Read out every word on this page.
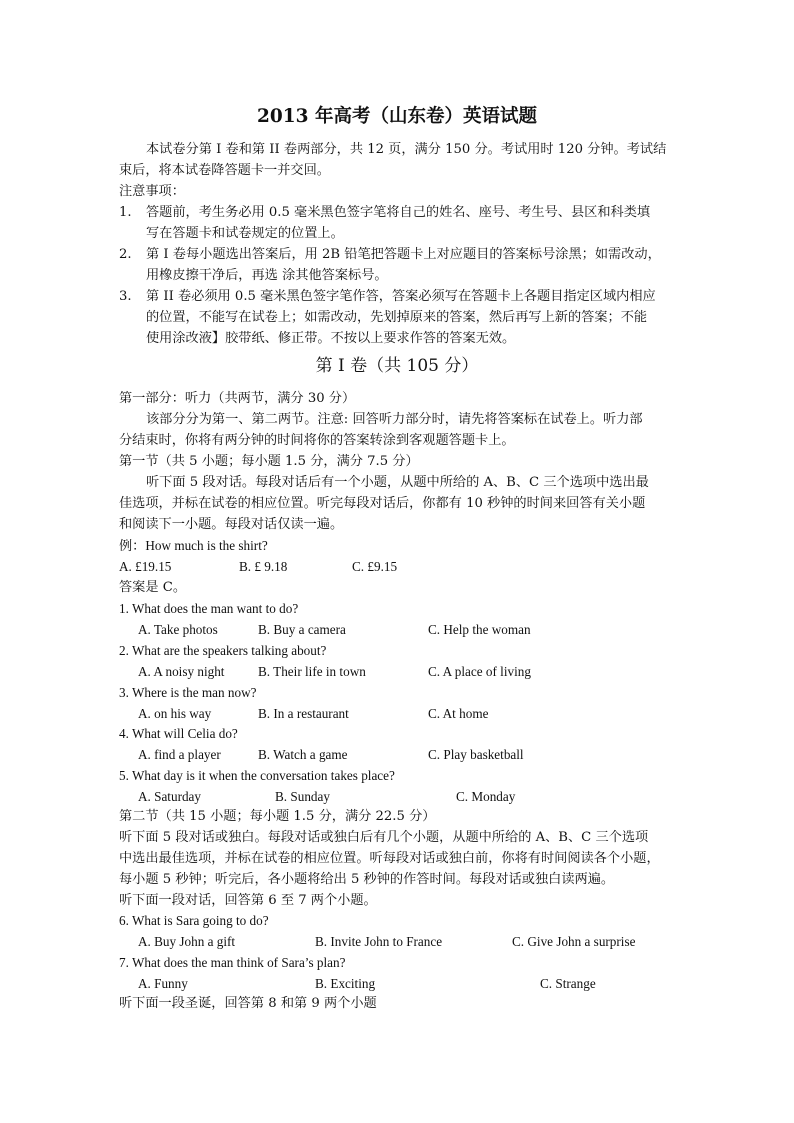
2013 年高考（山东卷）英语试题
本试卷分第 I 卷和第 II 卷两部分，共 12 页，满分 150 分。考试用时 120 分钟。考试结
束后，将本试卷降答题卡一并交回。
注意事项：
1. 答题前，考生务必用 0.5 毫米黑色签字笔将自己的姓名、座号、考生号、县区和科类填
写在答题卡和试卷规定的位置上。
2. 第 I 卷每小题选出答案后，用 2B 铅笔把答题卡上对应题目的答案标号涂黑；如需改动，
用橡皮擦干净后，再选 涂其他答案标号。
3. 第 II 卷必须用 0.5 毫米黑色签字笔作答，答案必须写在答题卡上各题目指定区域内相应
的位置，不能写在试卷上；如需改动，先划掉原来的答案，然后再写上新的答案；不能
使用涂改液】胶带纸、修正带。不按以上要求作答的答案无效。
第 I 卷（共 105 分）
第一部分：听力（共两节，满分 30 分）
该部分分为第一、第二两节。注意: 回答听力部分时，请先将答案标在试卷上。听力部
分结束时，你将有两分钟的时间将你的答案转涂到客观题答题卡上。
第一节（共 5 小题；每小题 1.5 分，满分 7.5 分）
听下面 5 段对话。每段对话后有一个小题，从题中所给的 A、B、C 三个选项中选出最
佳选项，并标在试卷的相应位置。听完每段对话后，你都有 10 秒钟的时间来回答有关小题
和阅读下一小题。每段对话仅读一遍。
例：How much is the shirt?
A. £19.15	B. £ 9.18	C. £9.15
答案是 C。
1. What does the man want to do?
A. Take photos	B. Buy a camera	C. Help the woman
2. What are the speakers talking about?
A. A noisy night	B. Their life in town	C. A place of living
3. Where is the man now?
A. on his way	B. In a restaurant	C. At home
4. What will Celia do?
A. find a player	B. Watch a game	C. Play basketball
5. What day is it when the conversation takes place?
A. Saturday	B. Sunday	C. Monday
第二节（共 15 小题；每小题 1.5 分，满分 22.5 分）
听下面 5 段对话或独白。每段对话或独白后有几个小题，从题中所给的 A、B、C 三个选项
中选出最佳选项，并标在试卷的相应位置。听每段对话或独白前，你将有时间阅读各个小题，
每小题 5 秒钟；听完后，各小题将给出 5 秒钟的作答时间。每段对话或独白读两遍。
听下面一段对话，回答第 6 至 7 两个小题。
6. What is Sara going to do?
A. Buy John a gift	B. Invite John to France	C. Give John a surprise
7. What does the man think of Sara’s plan?
A. Funny	B. Exciting	C. Strange
听下面一段圣诞，回答第 8 和第 9 两个小题
